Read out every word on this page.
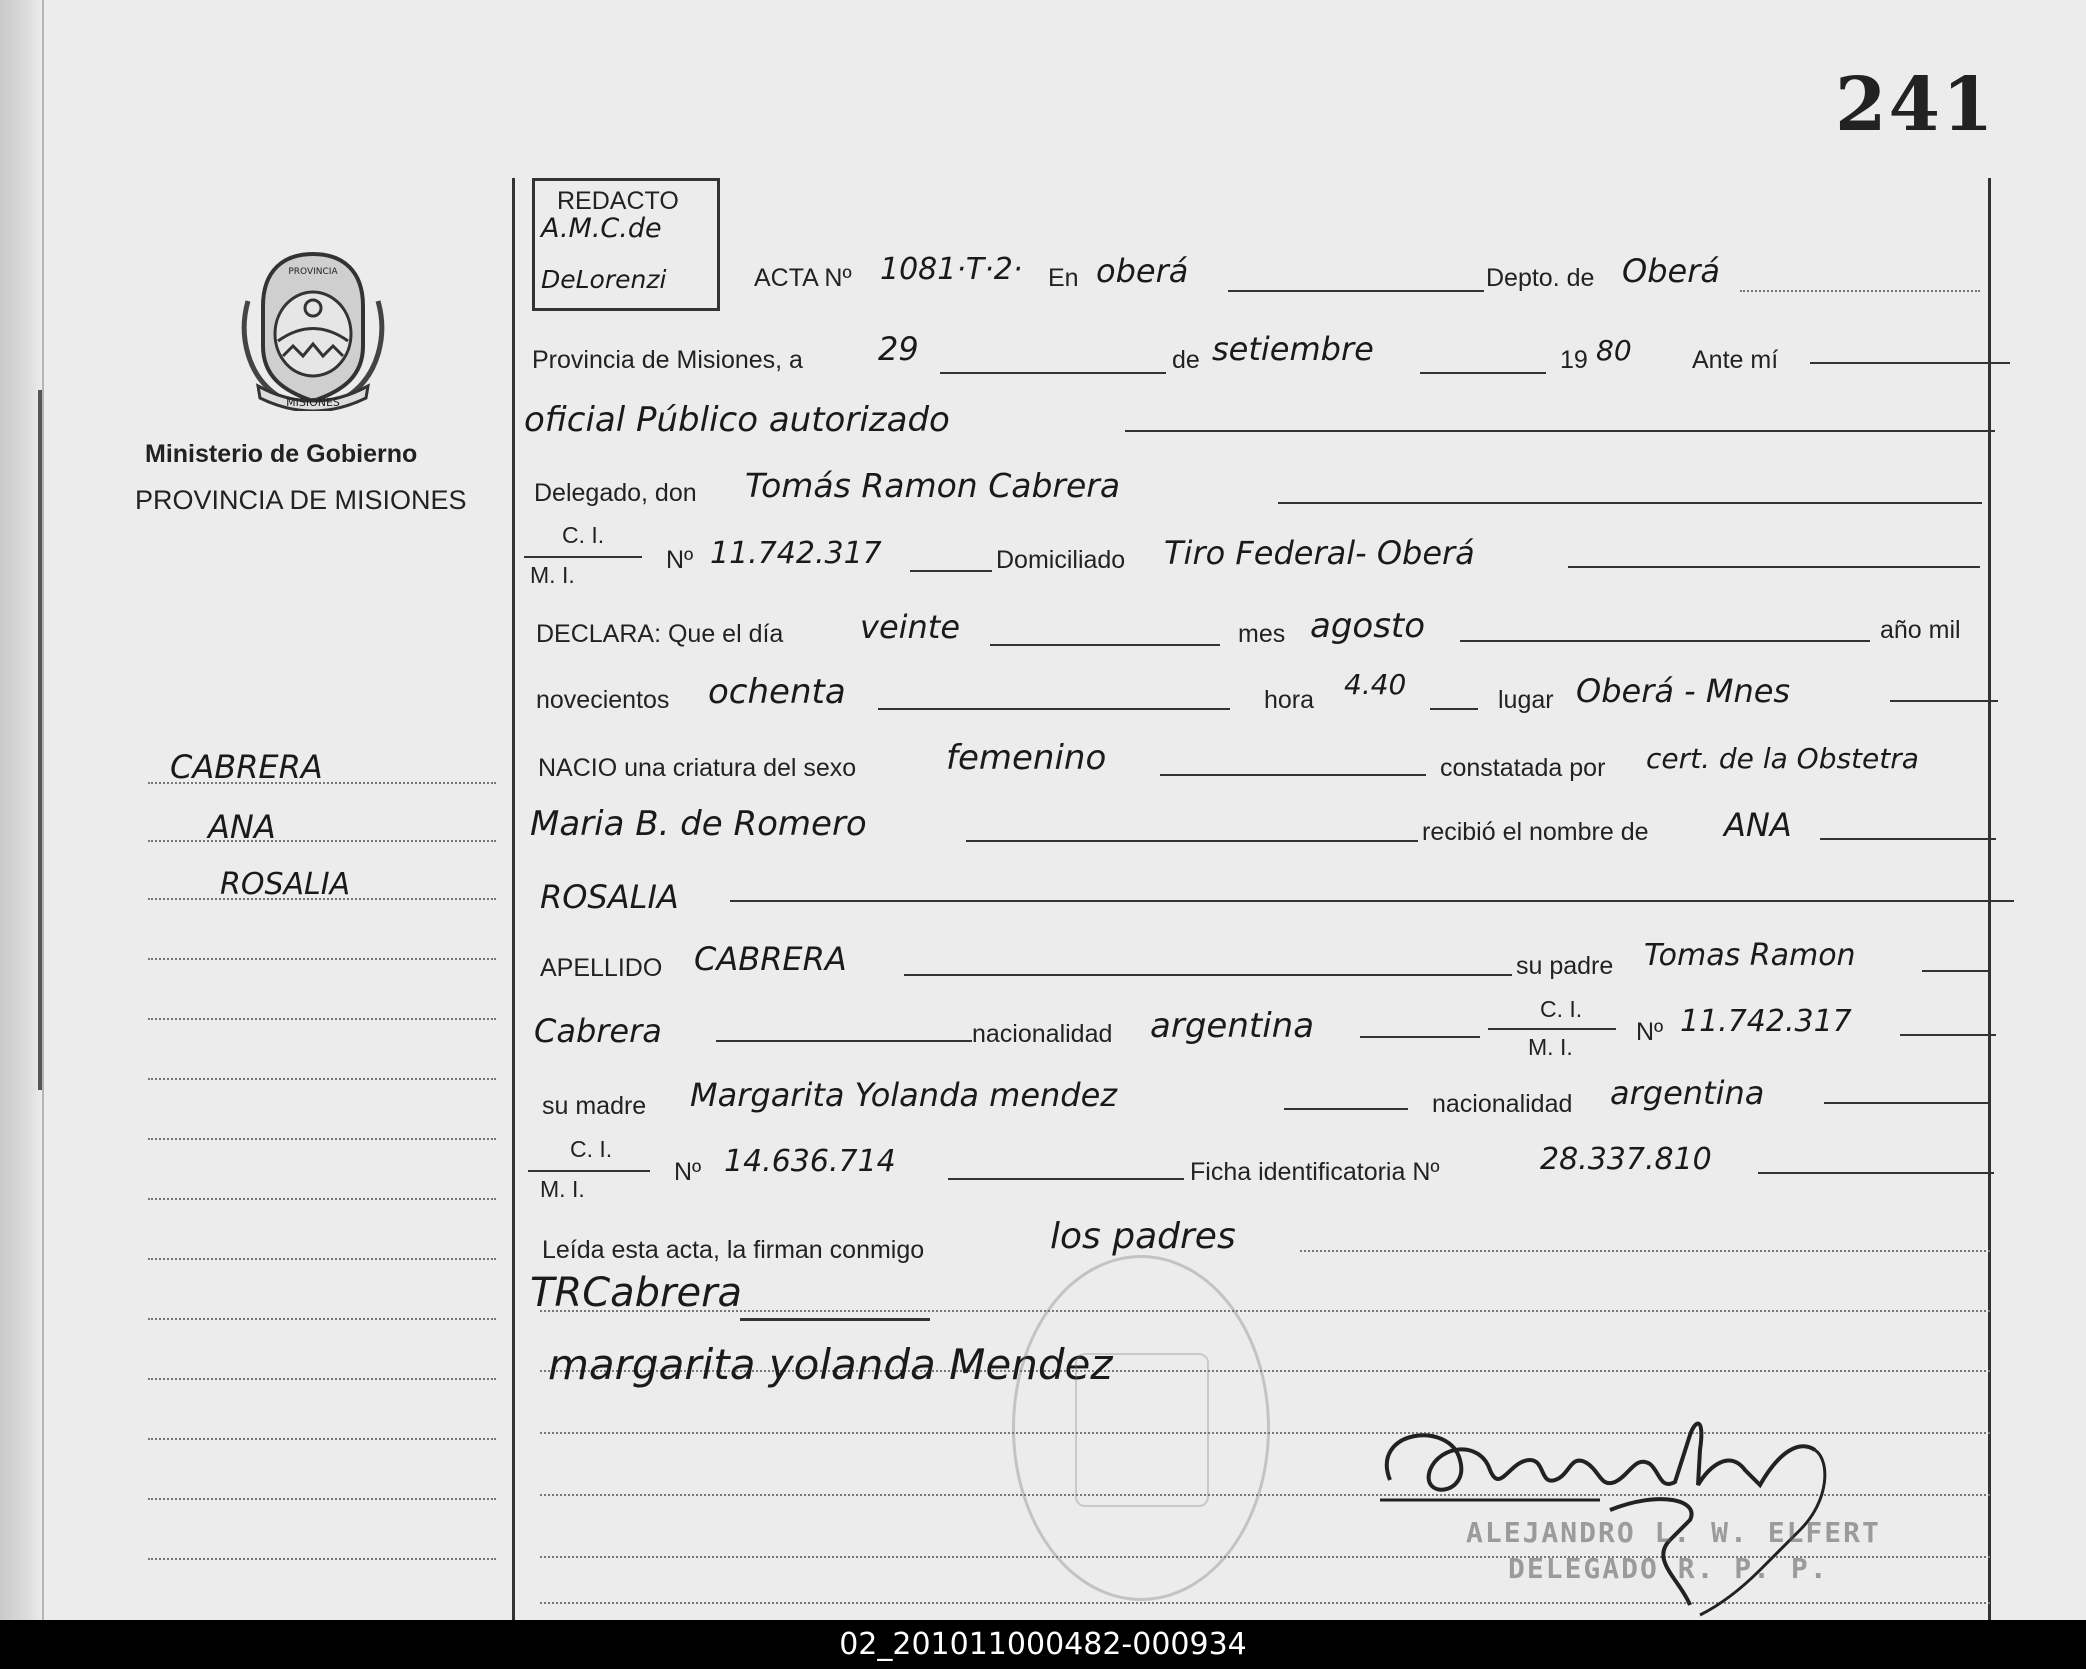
241
MISIONES
PROVINCIA
Ministerio de Gobierno
PROVINCIA DE MISIONES
CABRERA
ANA
ROSALIA
REDACTO
A.M.C.de
DeLorenzi	ACTA Nº 1081·T·2· En oberá	Depto. de Oberá
Provincia de Misiones, a 29	de setiembre	19 80 Ante mí
oficial Público autorizado
Delegado, don Tomás Ramon Cabrera
C. I.
M. I.
Nº 11.742.317	Domiciliado Tiro Federal- Oberá
DECLARA: Que el día veinte	mes agosto	año mil
novecientos ochenta	hora 4.40	lugar Oberá - Mnes
NACIO una criatura del sexo	femenino	constatada por cert. de la Obstetra
Maria B. de Romero	recibió el nombre de ANA
ROSALIA
APELLIDO CABRERA	su padre Tomas Ramon
Cabrera	nacionalidad argentina	C. I.
M. I.
Nº 11.742.317
su madre Margarita Yolanda mendez	nacionalidad argentina
C. I.
M. I.
Nº 14.636.714	Ficha identificatoria Nº	28.337.810
Leída esta acta, la firman conmigo	los padres
TRCabrera
margarita yolanda Mendez
ALEJANDRO L. W. ELFERT
DELEGADO R. P. P.
02_201011000482-000934
